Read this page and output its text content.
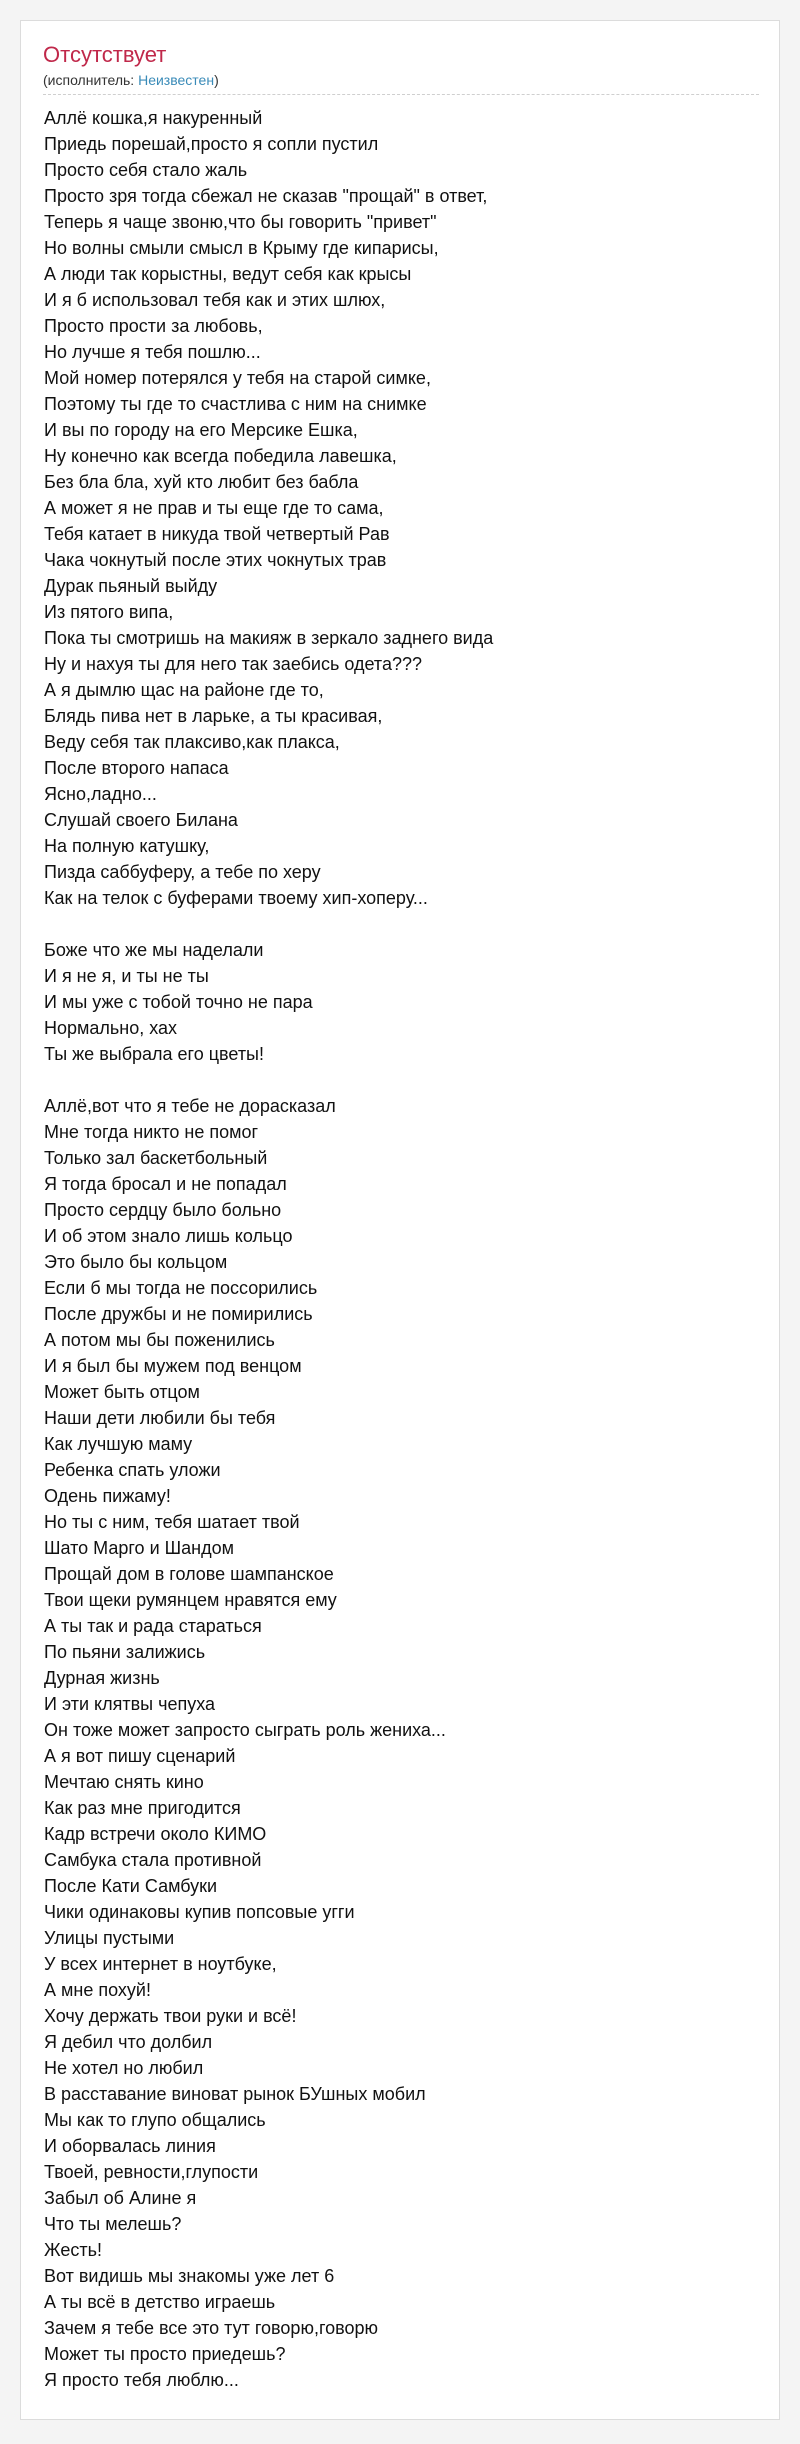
Отсутствует
(исполнитель: Неизвестен)
Аллё кошка,я накуренный
Приедь порешай,просто я сопли пустил
Просто себя стало жаль
Просто зря тогда сбежал не сказав "прощай" в ответ,
Теперь я чаще звоню,что бы говорить "привет"
Но волны смыли смысл в Крыму где кипарисы,
А люди так корыстны, ведут себя как крысы
И я б использовал тебя как и этих шлюх,
Просто прости за любовь,
Но лучше я тебя пошлю...
Мой номер потерялся у тебя на старой симке,
Поэтому ты где то счастлива с ним на снимке
И вы по городу на его Мерсике Ешка,
Ну конечно как всегда победила лавешка,
Без бла бла, хуй кто любит без бабла
А может я не прав и ты еще где то сама,
Тебя катает в никуда твой четвертый Рав
Чака чокнутый после этих чокнутых трав
Дурак пьяный выйду
Из пятого випа,
Пока ты смотришь на макияж в зеркало заднего вида
Ну и нахуя ты для него так заебись одета???
А я дымлю щас на районе где то,
Блядь пива нет в ларьке, а ты красивая,
Веду себя так плаксиво,как плакса,
После второго напаса
Ясно,ладно...
Слушай своего Билана
На полную катушку,
Пизда саббуферу, а тебе по херу
Как на телок с буферами твоему хип-хоперу...
Боже что же мы наделали
И я не я, и ты не ты
И мы уже с тобой точно не пара
Нормально, хах
Ты же выбрала его цветы!
Аллё,вот что я тебе не дорасказал
Мне тогда никто не помог
Только зал баскетбольный
Я тогда бросал и не попадал
Просто сердцу было больно
И об этом знало лишь кольцо
Это было бы кольцом
Если б мы тогда не поссорились
После дружбы и не помирились
А потом мы бы поженились
И я был бы мужем под венцом
Может быть отцом
Наши дети любили бы тебя
Как лучшую маму
Ребенка спать уложи
Одень пижаму!
Но ты с ним, тебя шатает твой
Шато Марго и Шандом
Прощай дом в голове шампанское
Твои щеки румянцем нравятся ему
А ты так и рада стараться
По пьяни залижись
Дурная жизнь
И эти клятвы чепуха
Он тоже может запросто сыграть роль жениха...
А я вот пишу сценарий
Мечтаю снять кино
Как раз мне пригодится
Кадр встречи около КИМО
Самбука стала противной
После Кати Самбуки
Чики одинаковы купив попсовые угги
Улицы пустыми
У всех интернет в ноутбуке,
А мне похуй!
Хочу держать твои руки и всё!
Я дебил что долбил
Не хотел но любил
В расставание виноват рынок БУшных мобил
Мы как то глупо общались
И оборвалась линия
Твоей, ревности,глупости
Забыл об Алине я
Что ты мелешь?
Жесть!
Вот видишь мы знакомы уже лет 6
А ты всё в детство играешь
Зачем я тебе все это тут говорю,говорю
Может ты просто приедешь?
Я просто тебя люблю...
